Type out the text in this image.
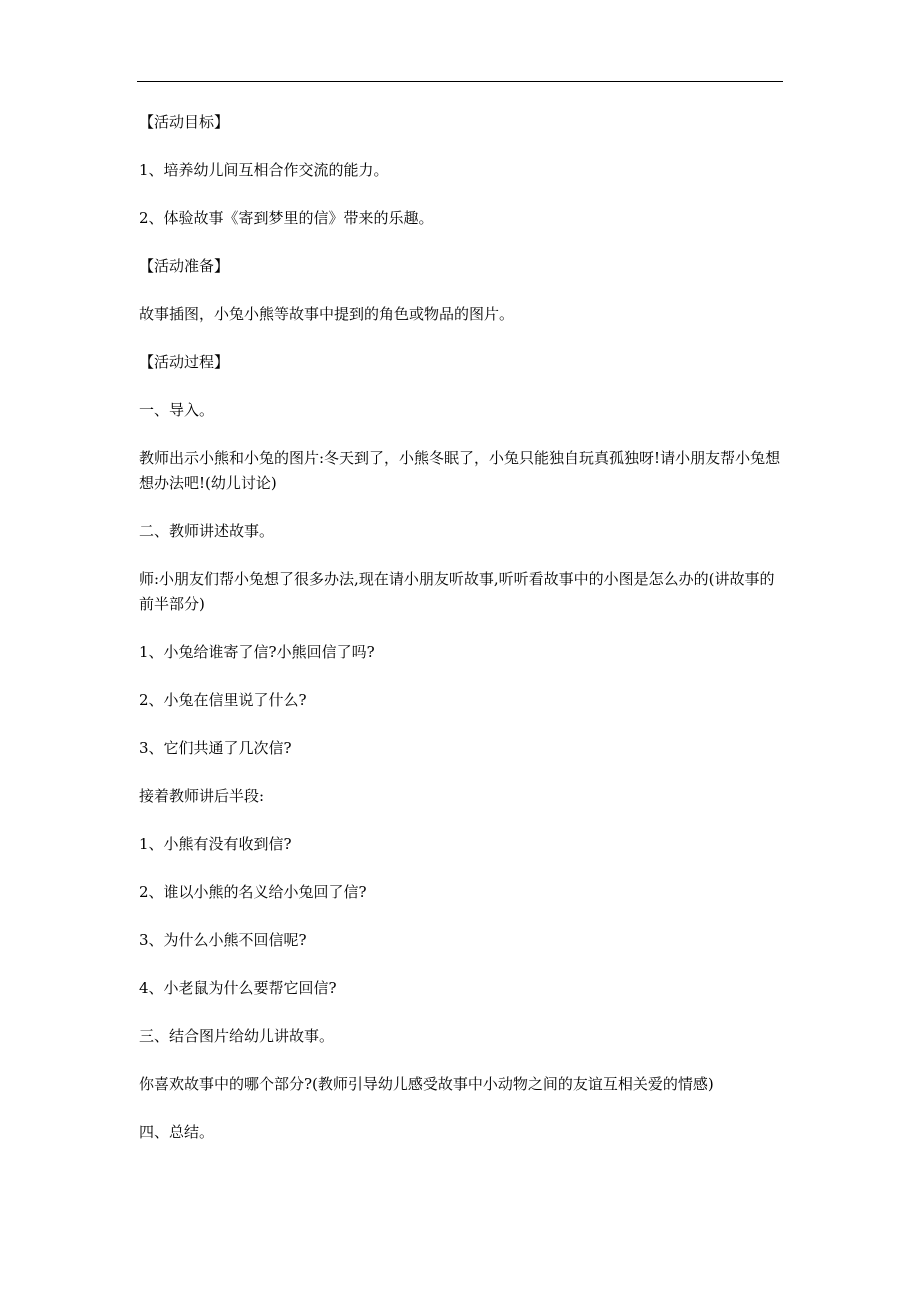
【活动目标】

1、培养幼儿间互相合作交流的能力。

2、体验故事《寄到梦里的信》带来的乐趣。

【活动准备】

故事插图，小兔小熊等故事中提到的角色或物品的图片。

【活动过程】

一、导入。

教师出示小熊和小兔的图片:冬天到了，小熊冬眠了，小兔只能独自玩真孤独呀!请小朋友帮小兔想想办法吧!(幼儿讨论)

二、教师讲述故事。

师:小朋友们帮小兔想了很多办法,现在请小朋友听故事,听听看故事中的小图是怎么办的(讲故事的前半部分)

1、小兔给谁寄了信?小熊回信了吗?

2、小兔在信里说了什么?

3、它们共通了几次信?

接着教师讲后半段:

1、小熊有没有收到信?

2、谁以小熊的名义给小兔回了信?

3、为什么小熊不回信呢?

4、小老鼠为什么要帮它回信?

三、结合图片给幼儿讲故事。

你喜欢故事中的哪个部分?(教师引导幼儿感受故事中小动物之间的友谊互相关爱的情感)

四、总结。
